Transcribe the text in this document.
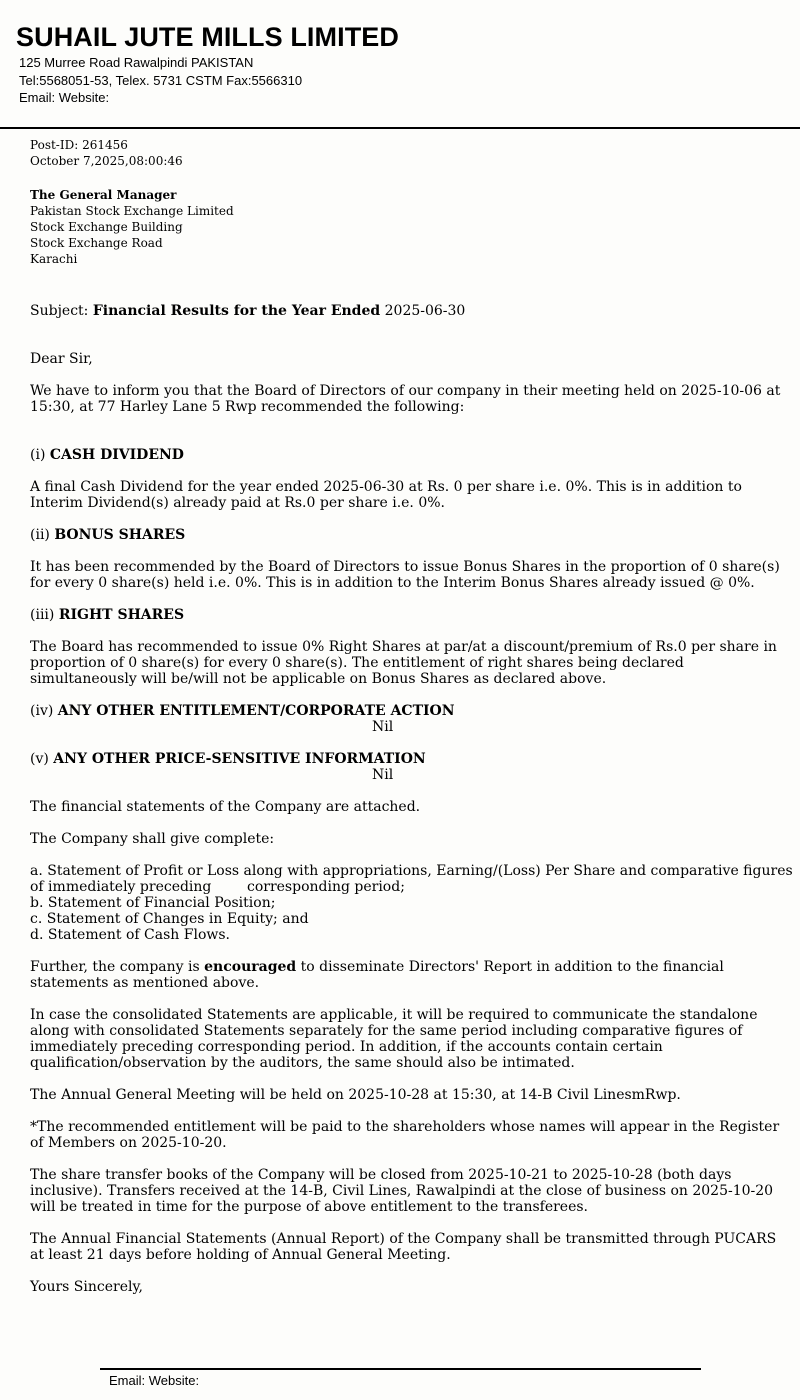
SUHAIL JUTE MILLS LIMITED
125 Murree Road Rawalpindi PAKISTAN
Tel:5568051-53, Telex. 5731 CSTM Fax:5566310
Email: Website:
Post-ID: 261456
October 7,2025,08:00:46
The General Manager
Pakistan Stock Exchange Limited
Stock Exchange Building
Stock Exchange Road
Karachi
Subject: Financial Results for the Year Ended 2025-06-30
Dear Sir,
We have to inform you that the Board of Directors of our company in their meeting held on 2025-10-06 at 15:30, at 77 Harley Lane 5 Rwp recommended the following:
(i) CASH DIVIDEND
A final Cash Dividend for the year ended 2025-06-30 at Rs. 0 per share i.e. 0%. This is in addition to Interim Dividend(s) already paid at Rs.0 per share i.e. 0%.
(ii) BONUS SHARES
It has been recommended by the Board of Directors to issue Bonus Shares in the proportion of 0 share(s) for every 0 share(s) held i.e. 0%. This is in addition to the Interim Bonus Shares already issued @ 0%.
(iii) RIGHT SHARES
The Board has recommended to issue 0% Right Shares at par/at a discount/premium of Rs.0 per share in proportion of 0 share(s) for every 0 share(s). The entitlement of right shares being declared simultaneously will be/will not be applicable on Bonus Shares as declared above.
(iv) ANY OTHER ENTITLEMENT/CORPORATE ACTION
Nil
(v) ANY OTHER PRICE-SENSITIVE INFORMATION
Nil
The financial statements of the Company are attached.
The Company shall give complete:
a. Statement of Profit or Loss along with appropriations, Earning/(Loss) Per Share and comparative figures of immediately preceding        corresponding period;
b. Statement of Financial Position;
c. Statement of Changes in Equity; and
d. Statement of Cash Flows.
Further, the company is encouraged to disseminate Directors' Report in addition to the financial statements as mentioned above.
In case the consolidated Statements are applicable, it will be required to communicate the standalone along with consolidated Statements separately for the same period including comparative figures of immediately preceding corresponding period. In addition, if the accounts contain certain qualification/observation by the auditors, the same should also be intimated.
The Annual General Meeting will be held on 2025-10-28 at 15:30, at 14-B Civil LinesmRwp.
*The recommended entitlement will be paid to the shareholders whose names will appear in the Register of Members on 2025-10-20.
The share transfer books of the Company will be closed from 2025-10-21 to 2025-10-28 (both days inclusive). Transfers received at the 14-B, Civil Lines, Rawalpindi at the close of business on 2025-10-20 will be treated in time for the purpose of above entitlement to the transferees.
The Annual Financial Statements (Annual Report) of the Company shall be transmitted through PUCARS at least 21 days before holding of Annual General Meeting.
Yours Sincerely,
Email: Website:
